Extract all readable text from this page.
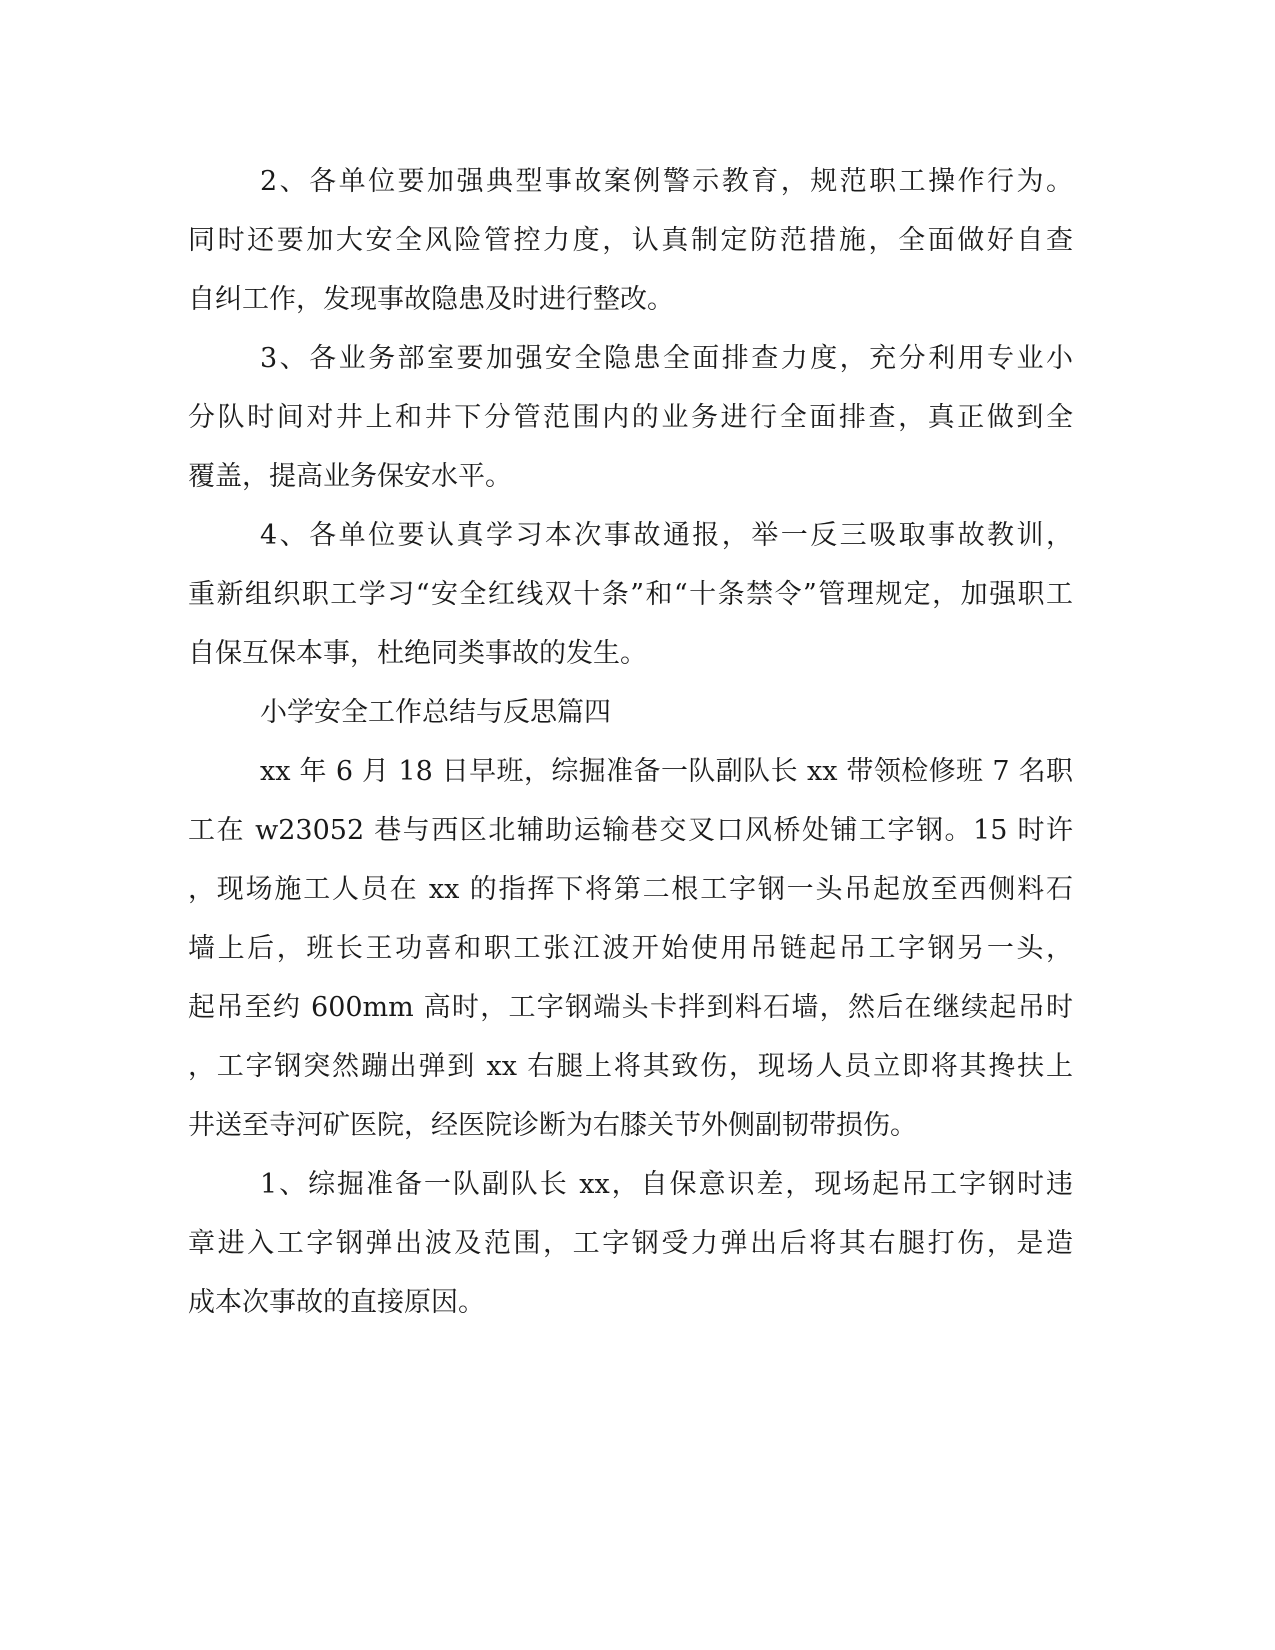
2、各单位要加强典型事故案例警示教育，规范职工操作行为。
同时还要加大安全风险管控力度，认真制定防范措施，全面做好自查
自纠工作，发现事故隐患及时进行整改。
3、各业务部室要加强安全隐患全面排查力度，充分利用专业小
分队时间对井上和井下分管范围内的业务进行全面排查，真正做到全
覆盖，提高业务保安水平。
4、各单位要认真学习本次事故通报，举一反三吸取事故教训，
重新组织职工学习“安全红线双十条”和“十条禁令”管理规定，加强职工
自保互保本事，杜绝同类事故的发生。
小学安全工作总结与反思篇四
xx 年 6 月 18 日早班，综掘准备一队副队长 xx 带领检修班 7 名职
工在 w23052 巷与西区北辅助运输巷交叉口风桥处铺工字钢。15 时许
，现场施工人员在 xx 的指挥下将第二根工字钢一头吊起放至西侧料石
墙上后，班长王功喜和职工张江波开始使用吊链起吊工字钢另一头，
起吊至约 600mm 高时，工字钢端头卡拌到料石墙，然后在继续起吊时
，工字钢突然蹦出弹到 xx 右腿上将其致伤，现场人员立即将其搀扶上
井送至寺河矿医院，经医院诊断为右膝关节外侧副韧带损伤。
1、综掘准备一队副队长 xx，自保意识差，现场起吊工字钢时违
章进入工字钢弹出波及范围，工字钢受力弹出后将其右腿打伤，是造
成本次事故的直接原因。
